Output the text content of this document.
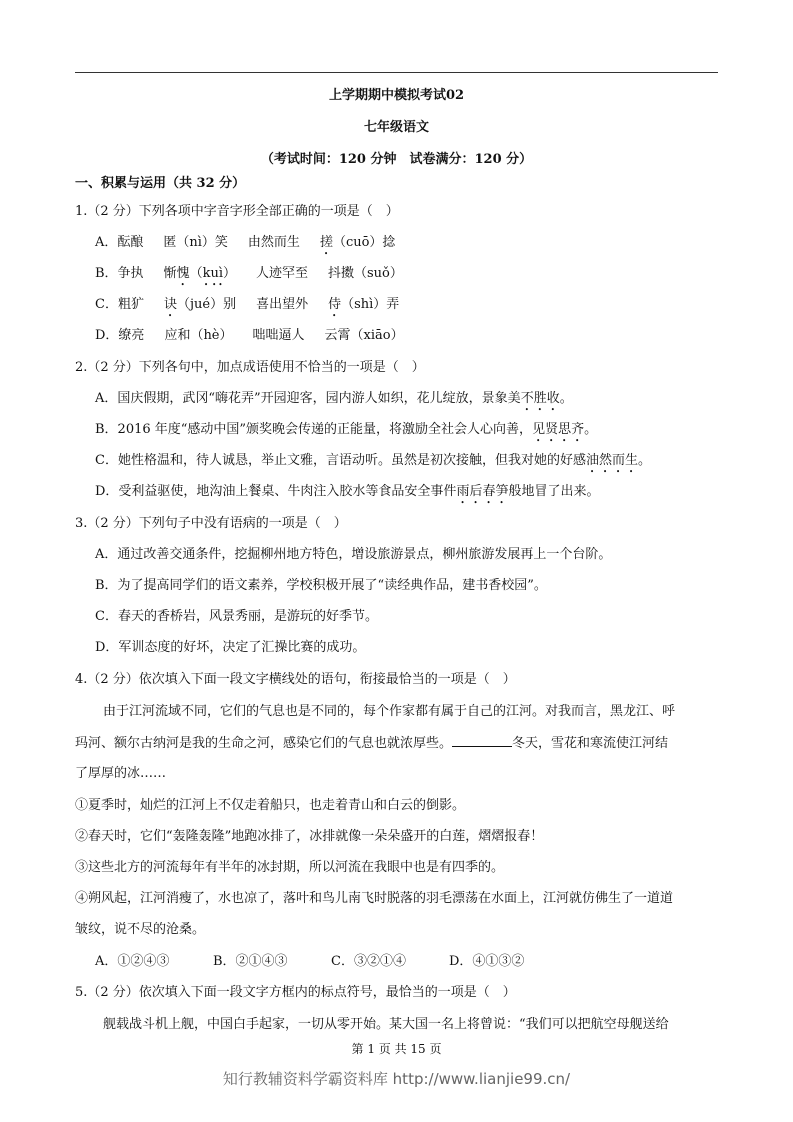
上学期期中模拟考试02
七年级语文
（考试时间：120 分钟　试卷满分：120 分）
一、积累与运用（共 32 分）
1.（2 分）下列各项中字音字形全部正确的一项是（　）
A．酝酿 匿（nì）笑 由然而生 搓（cuō）捻
B．争执 惭愧（kuì） 人迹罕至 抖擞（suǒ）
C．粗犷 诀（jué）别 喜出望外 侍（shì）弄
D．缭亮 应和（hè） 咄咄逼人 云霄（xiāo）
2.（2 分）下列各句中，加点成语使用不恰当的一项是（　）
A．国庆假期，武冈“嗨花弄”开园迎客，园内游人如织，花儿绽放，景象美不胜收。
B．2016 年度“感动中国”颁奖晚会传递的正能量，将激励全社会人心向善，见贤思齐。
C．她性格温和，待人诚恳，举止文雅，言语动听。虽然是初次接触，但我对她的好感油然而生。
D．受利益驱使，地沟油上餐桌、牛肉注入胶水等食品安全事件雨后春笋般地冒了出来。
3.（2 分）下列句子中没有语病的一项是（　）
A．通过改善交通条件，挖掘柳州地方特色，增设旅游景点，柳州旅游发展再上一个台阶。
B．为了提高同学们的语文素养，学校积极开展了“读经典作品，建书香校园”。
C．春天的香桥岩，风景秀丽，是游玩的好季节。
D．军训态度的好坏，决定了汇操比赛的成功。
4.（2 分）依次填入下面一段文字横线处的语句，衔接最恰当的一项是（　）
由于江河流域不同，它们的气息也是不同的，每个作家都有属于自己的江河。对我而言，黑龙江、呼
玛河、额尔古纳河是我的生命之河，感染它们的气息也就浓厚些。	冬天，雪花和寒流使江河结
了厚厚的冰……
①夏季时，灿烂的江河上不仅走着船只，也走着青山和白云的倒影。
②春天时，它们“轰隆轰隆”地跑冰排了，冰排就像一朵朵盛开的白莲，熠熠报春！
③这些北方的河流每年有半年的冰封期，所以河流在我眼中也是有四季的。
④朔风起，江河消瘦了，水也凉了，落叶和鸟儿南飞时脱落的羽毛漂荡在水面上，江河就仿佛生了一道道
皱纹，说不尽的沧桑。
A．①②④③	B．②①④③	C．③②①④	D．④①③②
5.（2 分）依次填入下面一段文字方框内的标点符号，最恰当的一项是（　）
舰载战斗机上舰，中国白手起家，一切从零开始。某大国一名上将曾说：“我们可以把航空母舰送给
第 1 页 共 15 页
知行教辅资料学霸资料库 http://www.lianjie99.cn/
